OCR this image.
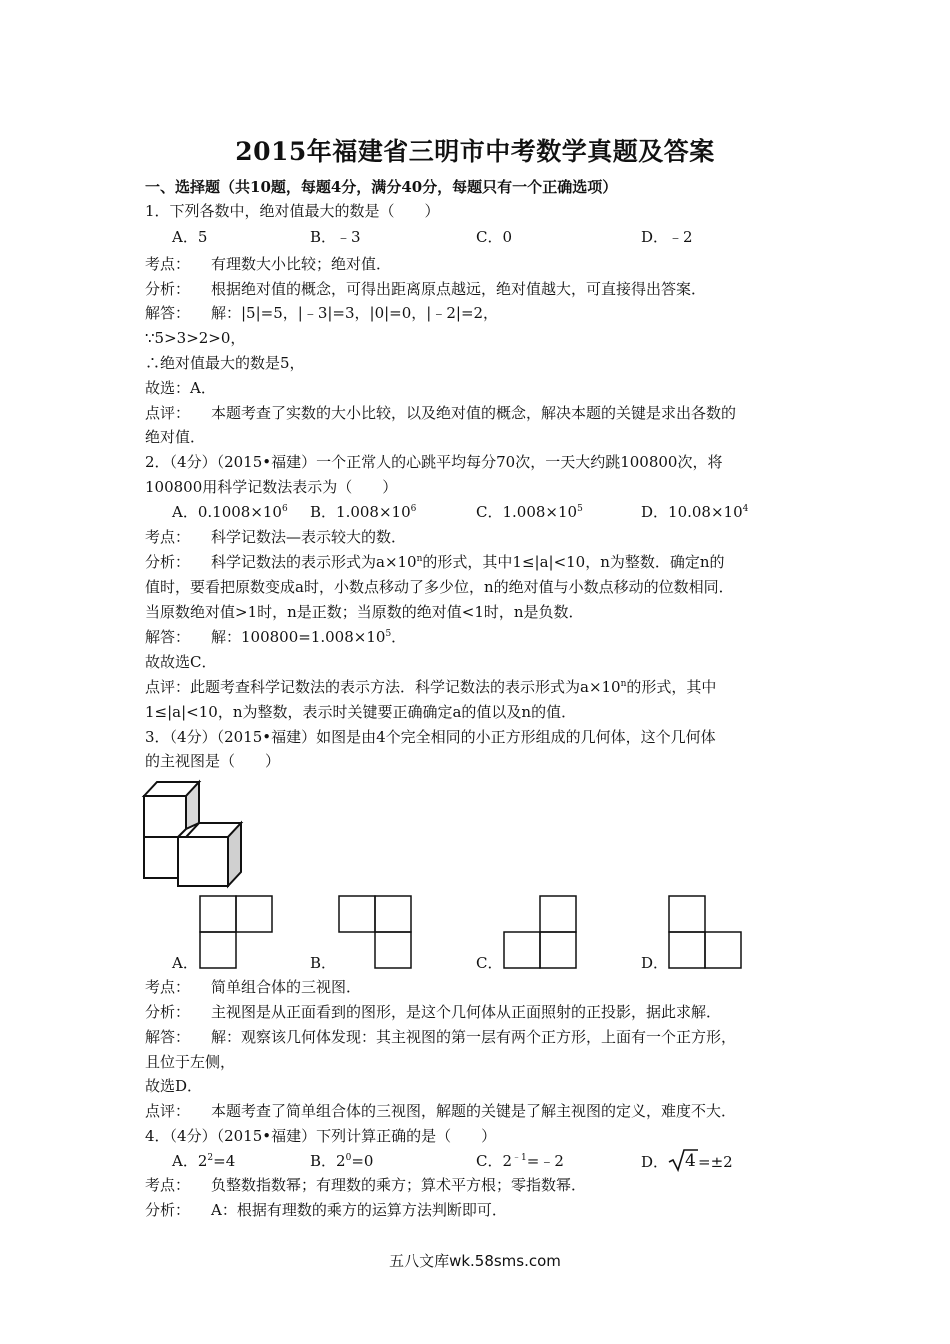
2015年福建省三明市中考数学真题及答案
一、选择题（共10题，每题4分，满分40分，每题只有一个正确选项）
1．下列各数中，绝对值最大的数是（　　）
A．5	B．﹣3	C．0	D．﹣2
考点： 有理数大小比较；绝对值．
分析： 根据绝对值的概念，可得出距离原点越远，绝对值越大，可直接得出答案．
解答： 解：|5|=5，|﹣3|=3，|0|=0，|﹣2|=2，
∵5>3>2>0，
∴绝对值最大的数是5，
故选：A．
点评： 本题考查了实数的大小比较，以及绝对值的概念，解决本题的关键是求出各数的
绝对值．
2．（4分）（2015•福建）一个正常人的心跳平均每分70次，一天大约跳100800次，将
100800用科学记数法表示为（　　）
A．$0.1008\times 10^6$ B．$1.008\times 10^6$	C．$1.008\times 10^5$	D．$10.08\times 10^4$
考点： 科学记数法—表示较大的数．
分析： 科学记数法的表示形式为$a\times 10^n$的形式，其中1≤|a|<10，n为整数．确定n的
值时，要看把原数变成a时，小数点移动了多少位，n的绝对值与小数点移动的位数相同．
当原数绝对值>1时，n是正数；当原数的绝对值<1时，n是负数．
解答： 解：$100800=1.008\times 10^5$．
故故选C．
点评：此题考查科学记数法的表示方法．科学记数法的表示形式为$a\times 10^n$的形式，其中
1≤|a|<10，n为整数，表示时关键要正确确定a的值以及n的值．
3．（4分）（2015•福建）如图是由4个完全相同的小正方形组成的几何体，这个几何体
的主视图是（　　）
A．	B．	C．	D．
考点： 简单组合体的三视图．
分析： 主视图是从正面看到的图形，是这个几何体从正面照射的正投影，据此求解．
解答： 解：观察该几何体发现：其主视图的第一层有两个正方形，上面有一个正方形，
且位于左侧，
故选D．
点评： 本题考查了简单组合体的三视图，解题的关键是了解主视图的定义，难度不大．
4．（4分）（2015•福建）下列计算正确的是（　　）
A．$2^2=4$	B．$2^0=0$	C．$2^{﹣1}=﹣2$	D． 4 =±2
考点： 负整数指数幂；有理数的乘方；算术平方根；零指数幂．
分析： A：根据有理数的乘方的运算方法判断即可．
五八文库wk.58sms.com
